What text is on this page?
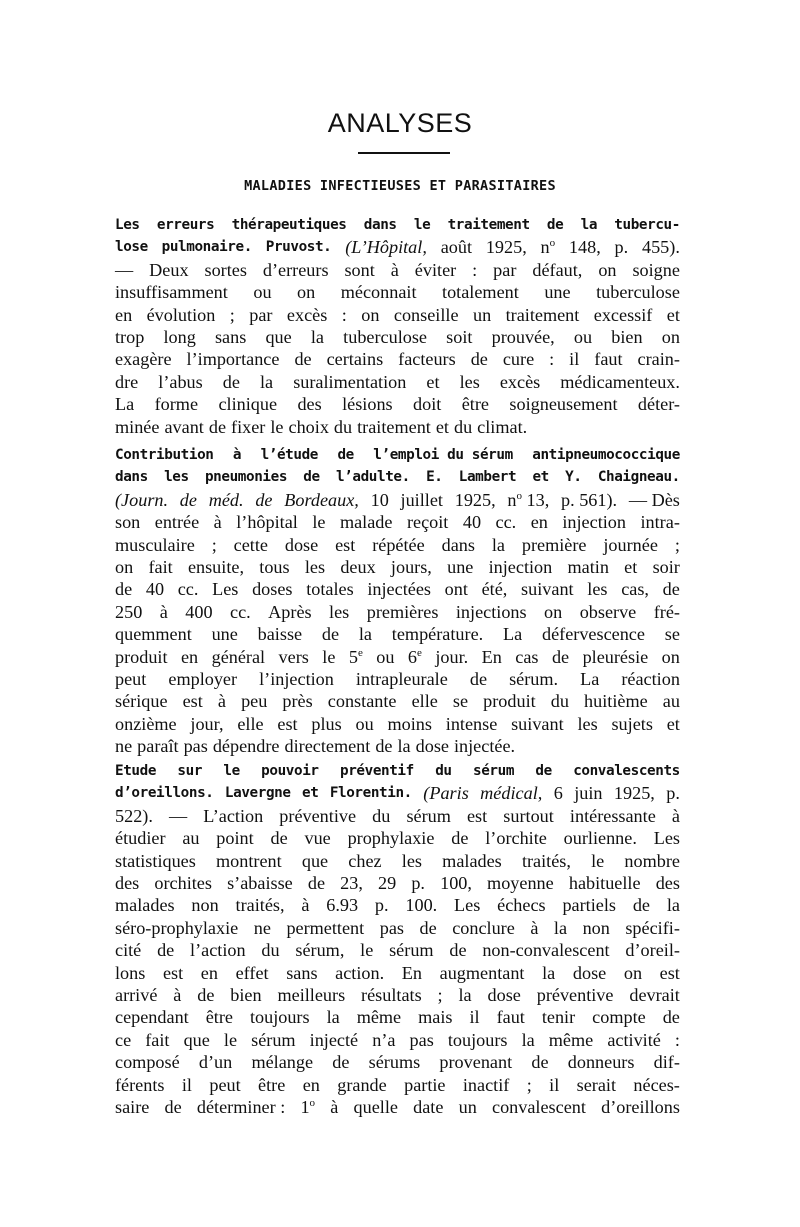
ANALYSES
MALADIES INFECTIEUSES ET PARASITAIRES
Les erreurs thérapeutiques dans le traitement de la tubercu-
lose pulmonaire. Pruvost. (L’Hôpital, août 1925, $n^o$ 148, p. 455).
— Deux sortes d’erreurs sont à éviter : par défaut, on soigne
insuffisamment ou on méconnait totalement une tuberculose
en évolution ; par excès : on conseille un traitement excessif et
trop long sans que la tuberculose soit prouvée, ou bien on
exagère l’importance de certains facteurs de cure : il faut crain-
dre l’abus de la suralimentation et les excès médicamenteux.
La forme clinique des lésions doit être soigneusement déter-
minée avant de fixer le choix du traitement et du climat.
Contribution à l’étude de l’emploi du sérum antipneumococcique
dans les pneumonies de l’adulte. E. Lambert et Y. Chaigneau.
(Journ. de méd. de Bordeaux, 10 juillet 1925, $n^o$ 13, p. 561). — Dès
son entrée à l’hôpital le malade reçoit 40 cc. en injection intra-
musculaire ; cette dose est répétée dans la première journée ;
on fait ensuite, tous les deux jours, une injection matin et soir
de 40 cc. Les doses totales injectées ont été, suivant les cas, de
250 à 400 cc. Après les premières injections on observe fré-
quemment une baisse de la température. La défervescence se
produit en général vers le 5e ou 6e jour. En cas de pleurésie on
peut employer l’injection intrapleurale de sérum. La réaction
sérique est à peu près constante elle se produit du huitième au
onzième jour, elle est plus ou moins intense suivant les sujets et
ne paraît pas dépendre directement de la dose injectée.
Etude sur le pouvoir préventif du sérum de convalescents
d’oreillons. Lavergne et Florentin. (Paris médical, 6 juin 1925, p.
522). — L’action préventive du sérum est surtout intéressante à
étudier au point de vue prophylaxie de l’orchite ourlienne. Les
statistiques montrent que chez les malades traités, le nombre
des orchites s’abaisse de 23, 29 p. 100, moyenne habituelle des
malades non traités, à 6.93 p. 100. Les échecs partiels de la
séro-prophylaxie ne permettent pas de conclure à la non spécifi-
cité de l’action du sérum, le sérum de non-convalescent d’oreil-
lons est en effet sans action. En augmentant la dose on est
arrivé à de bien meilleurs résultats ; la dose préventive devrait
cependant être toujours la même mais il faut tenir compte de
ce fait que le sérum injecté n’a pas toujours la même activité :
composé d’un mélange de sérums provenant de donneurs dif-
férents il peut être en grande partie inactif ; il serait néces-
saire de déterminer : 1$^o$ à quelle date un convalescent d’oreillons
